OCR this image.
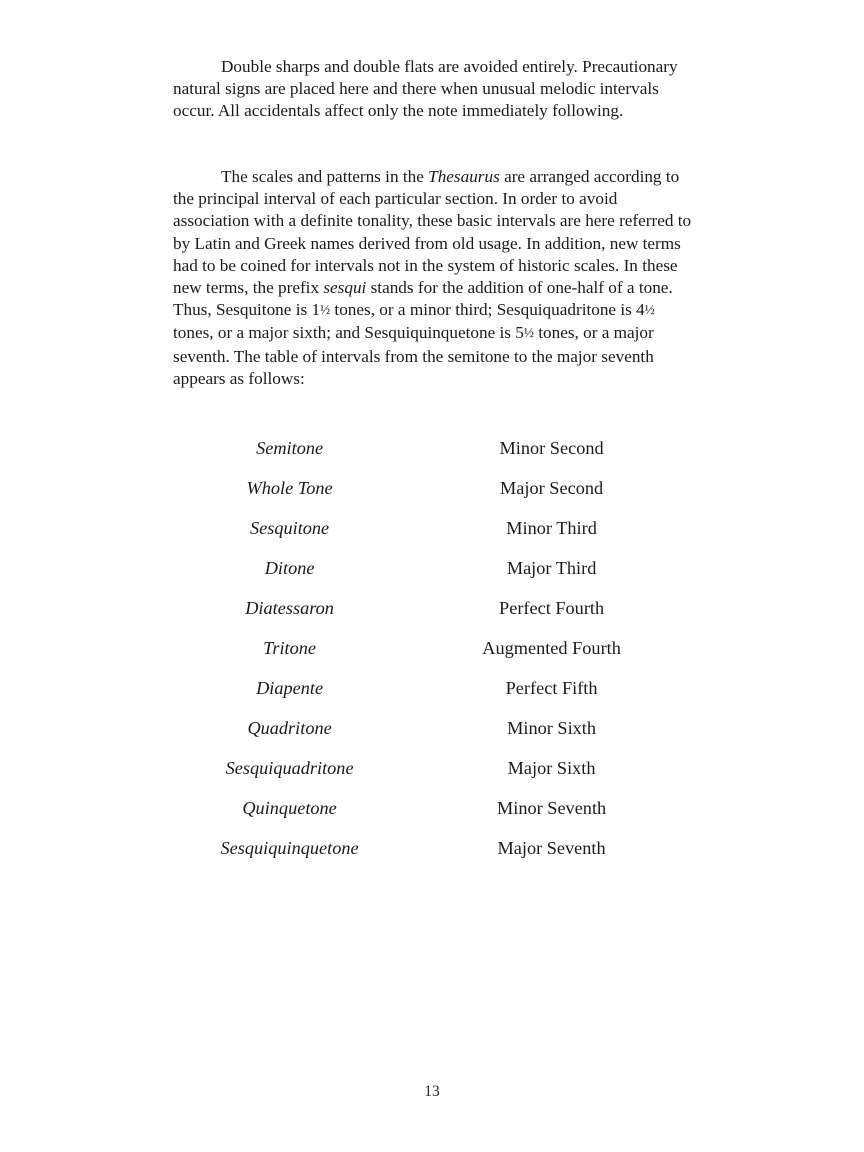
Double sharps and double flats are avoided entirely. Precautionary natural signs are placed here and there when unusual melodic intervals occur. All accidentals affect only the note immediately following.

The scales and patterns in the Thesaurus are arranged according to the principal interval of each particular section. In order to avoid association with a definite tonality, these basic intervals are here referred to by Latin and Greek names derived from old usage. In addition, new terms had to be coined for intervals not in the system of historic scales. In these new terms, the prefix sesqui stands for the addition of one-half of a tone. Thus, Sesquitone is 1½ tones, or a minor third; Sesquiquadritone is 4½ tones, or a major sixth; and Sesquiquinquetone is 5½ tones, or a major seventh. The table of intervals from the semitone to the major seventh appears as follows:

Semitone	Minor Second
Whole Tone	Major Second
Sesquitone	Minor Third
Ditone	Major Third
Diatessaron	Perfect Fourth
Tritone	Augmented Fourth
Diapente	Perfect Fifth
Quadritone	Minor Sixth
Sesquiquadritone	Major Sixth
Quinquetone	Minor Seventh
Sesquiquinquetone	Major Seventh
13
